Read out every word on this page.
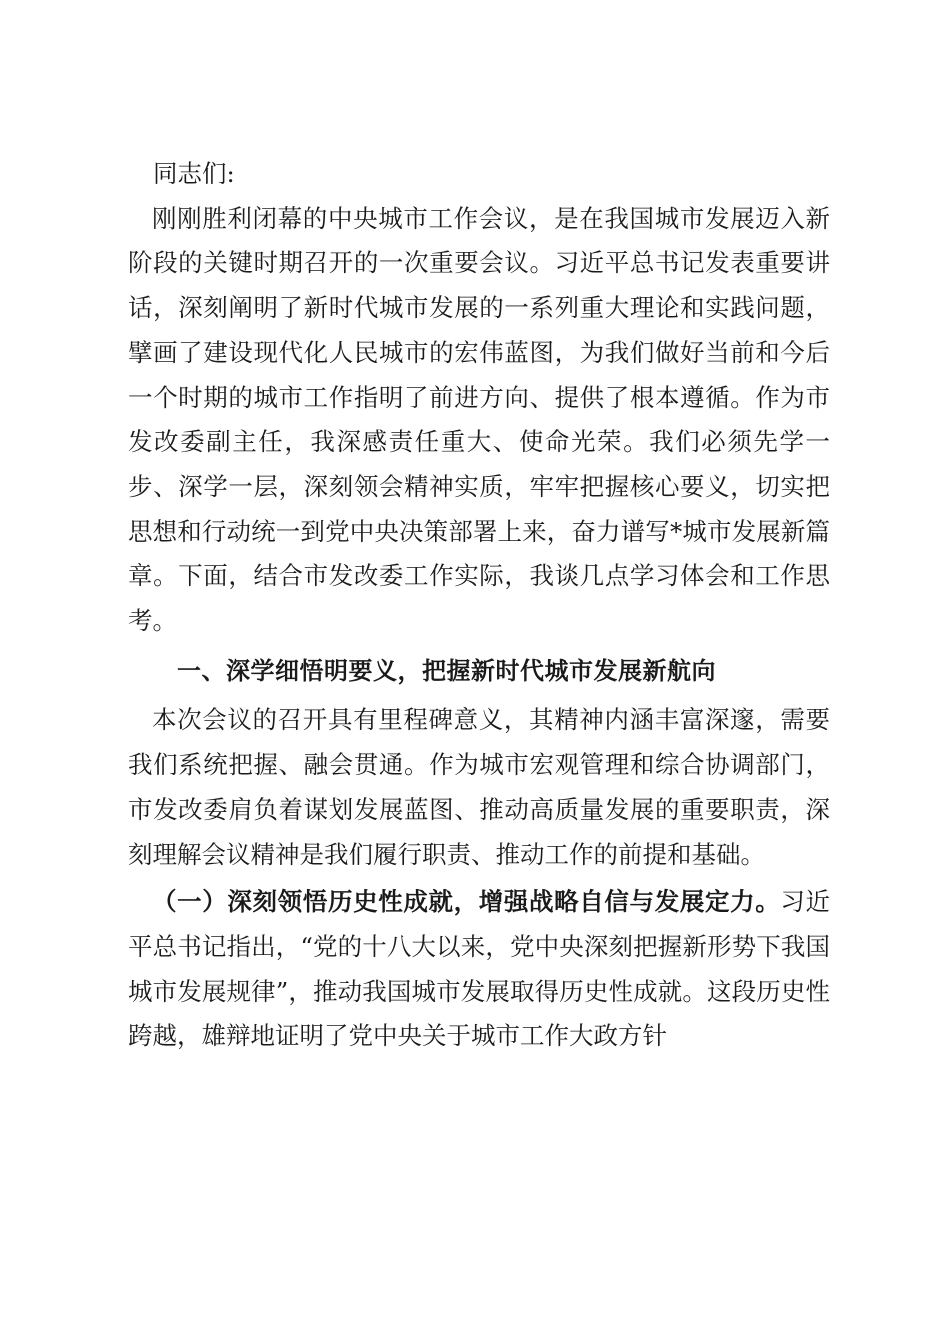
同志们:

刚刚胜利闭幕的中央城市工作会议，是在我国城市发展迈入新阶段的关键时期召开的一次重要会议。习近平总书记发表重要讲话，深刻阐明了新时代城市发展的一系列重大理论和实践问题，擘画了建设现代化人民城市的宏伟蓝图，为我们做好当前和今后一个时期的城市工作指明了前进方向、提供了根本遵循。作为市发改委副主任，我深感责任重大、使命光荣。我们必须先学一步、深学一层，深刻领会精神实质，牢牢把握核心要义，切实把思想和行动统一到党中央决策部署上来，奋力谱写*城市发展新篇章。下面，结合市发改委工作实际，我谈几点学习体会和工作思考。

一、深学细悟明要义，把握新时代城市发展新航向

本次会议的召开具有里程碑意义，其精神内涵丰富深邃，需要我们系统把握、融会贯通。作为城市宏观管理和综合协调部门，市发改委肩负着谋划发展蓝图、推动高质量发展的重要职责，深刻理解会议精神是我们履行职责、推动工作的前提和基础。

（一）深刻领悟历史性成就，增强战略自信与发展定力。习近平总书记指出，“党的十八大以来，党中央深刻把握新形势下我国城市发展规律”，推动我国城市发展取得历史性成就。这段历史性跨越，雄辩地证明了党中央关于城市工作大政方针
